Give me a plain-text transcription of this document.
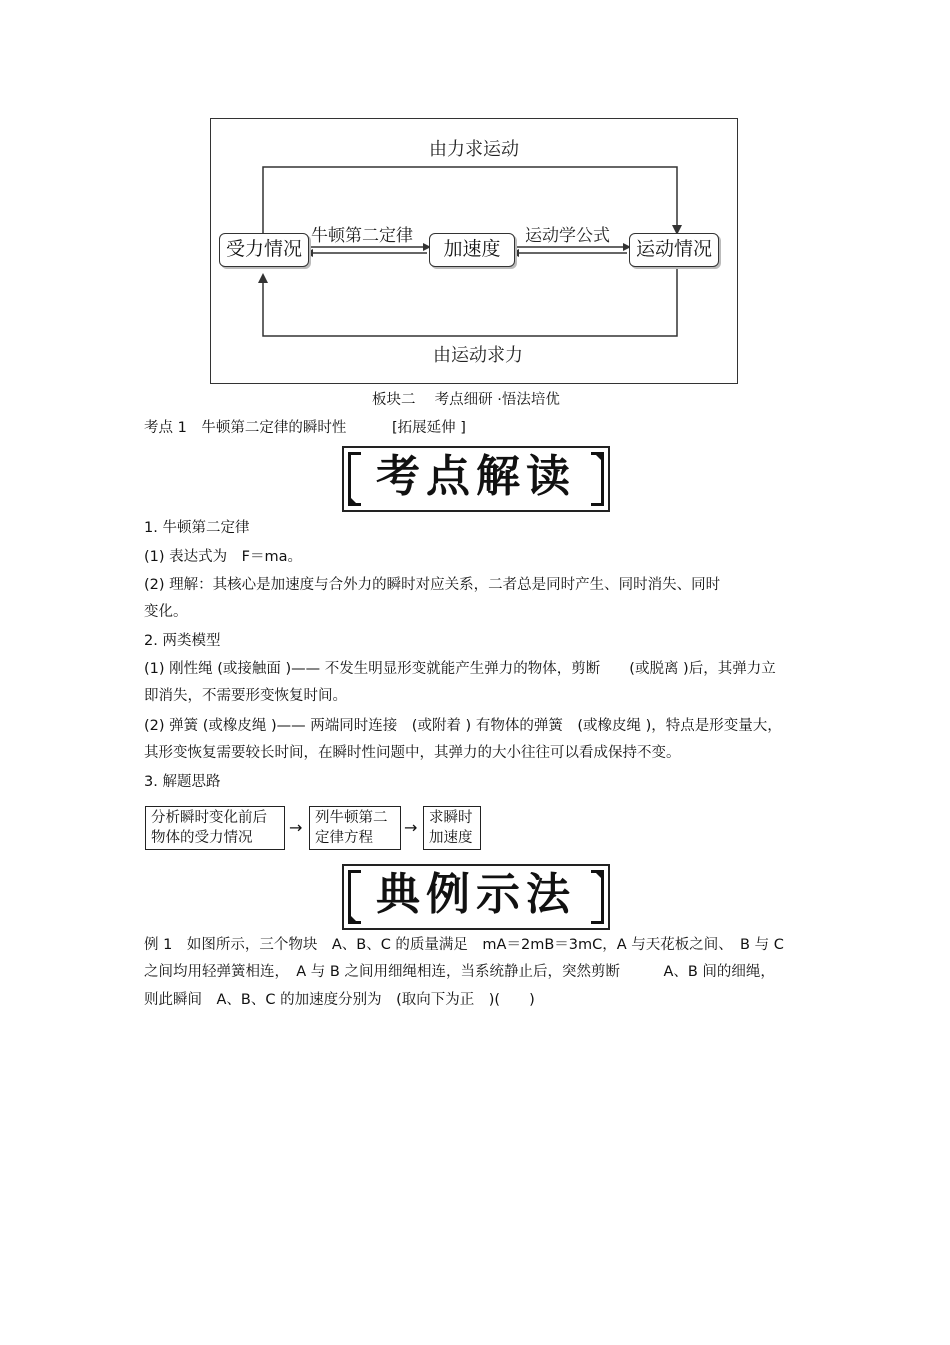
由力求运动
由运动求力
牛顿第二定律	运动学公式
受力情况	加速度	运动情况
板块二　 考点细研 ·悟法培优
考点 1　牛顿第二定律的瞬时性	[拓展延伸 ]
考点解读
1. 牛顿第二定律
(1) 表达式为　F＝ma。
(2) 理解：其核心是加速度与合外力的瞬时对应关系，二者总是同时产生、同时消失、同时
变化。
2. 两类模型
(1) 刚性绳 (或接触面 )—— 不发生明显形变就能产生弹力的物体，剪断　　(或脱离 )后，其弹力立
即消失，不需要形变恢复时间。
(2) 弹簧 (或橡皮绳 )—— 两端同时连接　(或附着 ) 有物体的弹簧　(或橡皮绳 )，特点是形变量大，
其形变恢复需要较长时间，在瞬时性问题中，其弹力的大小往往可以看成保持不变。
3. 解题思路
分析瞬时变化前后
物体的受力情况
→ 列牛顿第二
定律方程
→ 求瞬时
加速度
典例示法
例 1　如图所示，三个物块　A、B、C 的质量满足　mA＝2mB＝3mC，A 与天花板之间、　B 与 C
之间均用轻弹簧相连，　A 与 B 之间用细绳相连，当系统静止后，突然剪断　　　A、B 间的细绳，
则此瞬间　A、B、C 的加速度分别为　(取向下为正　)(　　)
